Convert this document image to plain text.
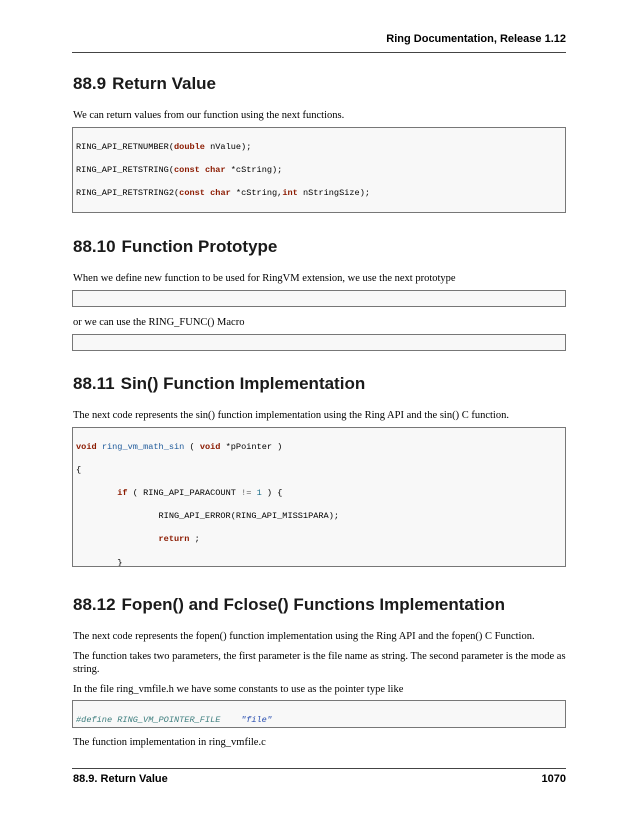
Ring Documentation, Release 1.12
88.9 Return Value

We can return values from our function using the next functions.

RING_API_RETNUMBER(double nValue);

RING_API_RETSTRING(const char *cString);

RING_API_RETSTRING2(const char *cString,int nStringSize);

88.10 Function Prototype

When we define new function to be used for RingVM extension, we use the next prototype

or we can use the RING_FUNC() Macro

88.11 Sin() Function Implementation

The next code represents the sin() function implementation using the Ring API and the sin() C function.

void ring_vm_math_sin ( void *pPointer )

{

if ( RING_API_PARACOUNT != 1 ) {

RING_API_ERROR(RING_API_MISS1PARA);

return ;

}

88.12 Fopen() and Fclose() Functions Implementation

The next code represents the fopen() function implementation using the Ring API and the fopen() C Function.

The function takes two parameters, the first parameter is the file name as string. The second parameter is the mode as string.

In the file ring_vmfile.h we have some constants to use as the pointer type like

#define RING_VM_POINTER_FILE    "file"

The function implementation in ring_vmfile.c

88.9. Return Value	1070
